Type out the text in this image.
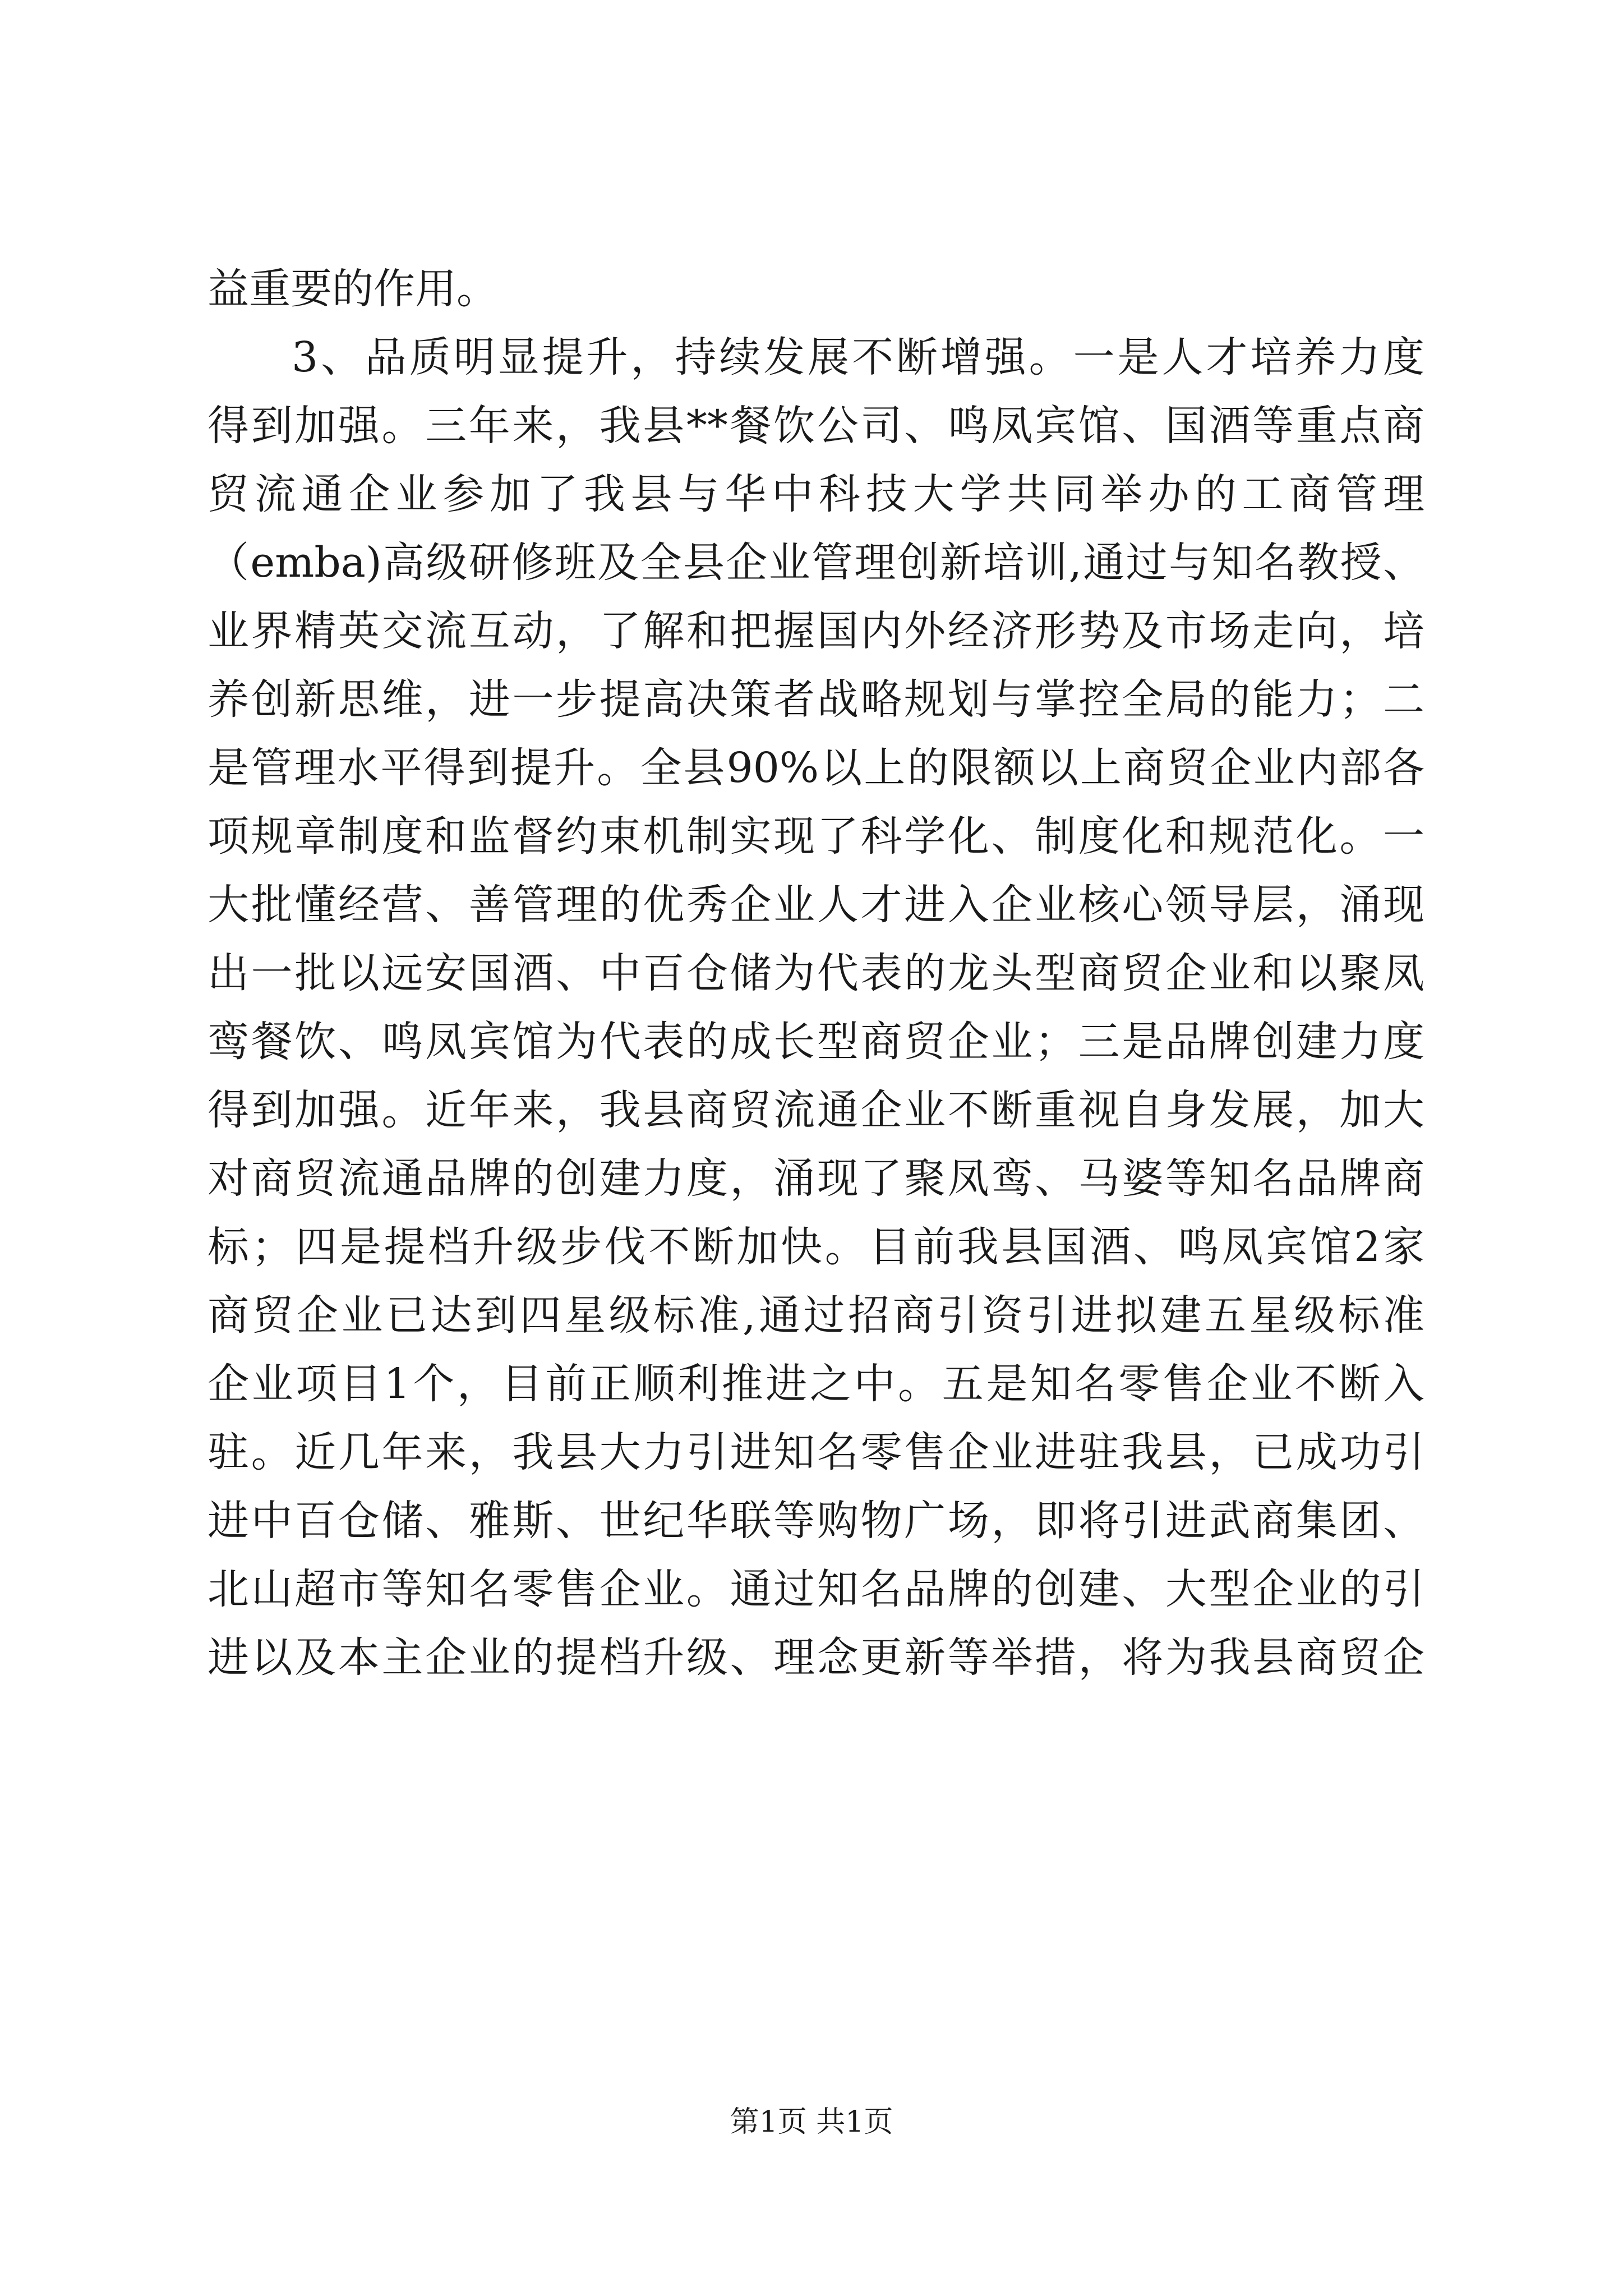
益重要的作用。
3、品质明显提升，持续发展不断增强。一是人才培养力度
得到加强。三年来，我县**餐饮公司、鸣凤宾馆、国酒等重点商
贸流通企业参加了我县与华中科技大学共同举办的工商管理
（emba)高级研修班及全县企业管理创新培训,通过与知名教授、
业界精英交流互动，了解和把握国内外经济形势及市场走向，培
养创新思维，进一步提高决策者战略规划与掌控全局的能力；二
是管理水平得到提升。全县90%以上的限额以上商贸企业内部各
项规章制度和监督约束机制实现了科学化、制度化和规范化。一
大批懂经营、善管理的优秀企业人才进入企业核心领导层，涌现
出一批以远安国酒、中百仓储为代表的龙头型商贸企业和以聚凤
鸾餐饮、鸣凤宾馆为代表的成长型商贸企业；三是品牌创建力度
得到加强。近年来，我县商贸流通企业不断重视自身发展，加大
对商贸流通品牌的创建力度，涌现了聚凤鸾、马婆等知名品牌商
标；四是提档升级步伐不断加快。目前我县国酒、鸣凤宾馆2家
商贸企业已达到四星级标准,通过招商引资引进拟建五星级标准
企业项目1个，目前正顺利推进之中。五是知名零售企业不断入
驻。近几年来，我县大力引进知名零售企业进驻我县，已成功引
进中百仓储、雅斯、世纪华联等购物广场，即将引进武商集团、
北山超市等知名零售企业。通过知名品牌的创建、大型企业的引
进以及本主企业的提档升级、理念更新等举措，将为我县商贸企
第1页 共1页
